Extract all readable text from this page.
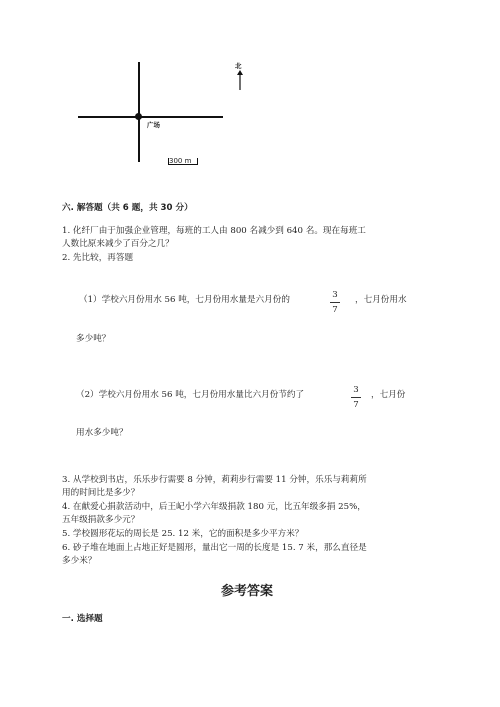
广场
北
300 m
六. 解答题（共 6 题，共 30 分）
1. 化纤厂由于加强企业管理，每班的工人由 800 名减少到 640 名。现在每班工
人数比原来减少了百分之几？
2. 先比较，再答题
（1）学校六月份用水 56 吨，七月份用水量是六月份的	3
7
，七月份用水
多少吨？
（2）学校六月份用水 56 吨，七月份用水量比六月份节约了	3
7
，七月份
用水多少吨？
3. 从学校到书店，乐乐步行需要 8 分钟，莉莉步行需要 11 分钟，乐乐与莉莉所
用的时间比是多少？
4. 在献爱心捐款活动中，后王屺小学六年级捐款 180 元，比五年级多捐 25%，
五年级捐款多少元？
5. 学校圆形花坛的周长是 25. 12 米，它的面积是多少平方米？
6. 砂子堆在地面上占地正好是圆形，量出它一周的长度是 15. 7 米，那么直径是
多少米？
参考答案
一. 选择题
